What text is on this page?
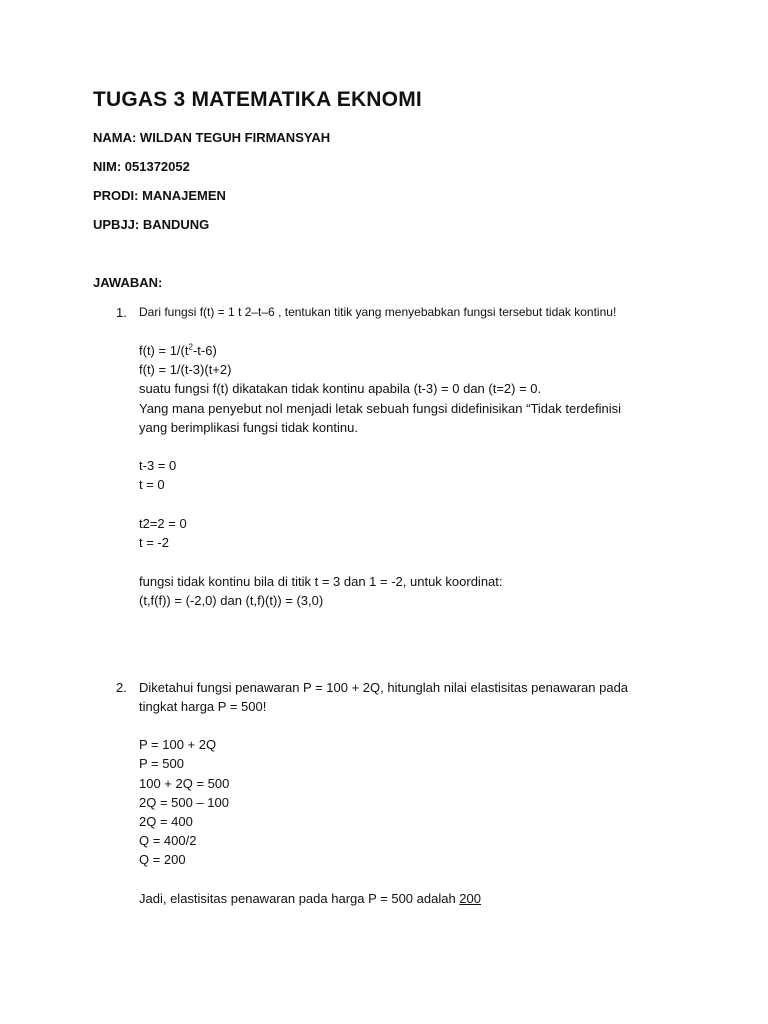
TUGAS 3 MATEMATIKA EKNOMI
NAMA: WILDAN TEGUH FIRMANSYAH
NIM: 051372052
PRODI: MANAJEMEN
UPBJJ: BANDUNG
JAWABAN:
1. Dari fungsi f(t) = 1 t 2–t–6 , tentukan titik yang menyebabkan fungsi tersebut tidak kontinu!
$f(t) = 1/(t^2-t-6)$
f(t) = 1/(t-3)(t+2)
suatu fungsi f(t) dikatakan tidak kontinu apabila (t-3) = 0 dan (t=2) = 0.
Yang mana penyebut nol menjadi letak sebuah fungsi didefinisikan “Tidak terdefinisi
yang berimplikasi fungsi tidak kontinu.
t-3 = 0
t = 0
t2=2 = 0
t = -2
fungsi tidak kontinu bila di titik t = 3 dan 1 = -2, untuk koordinat:
(t,f(f)) = (-2,0) dan (t,f)(t)) = (3,0)
2. Diketahui fungsi penawaran P = 100 + 2Q, hitunglah nilai elastisitas penawaran pada
tingkat harga P = 500!
P = 100 + 2Q
P = 500
100 + 2Q = 500
2Q = 500 – 100
2Q = 400
Q = 400/2
Q = 200
Jadi, elastisitas penawaran pada harga P = 500 adalah 200
